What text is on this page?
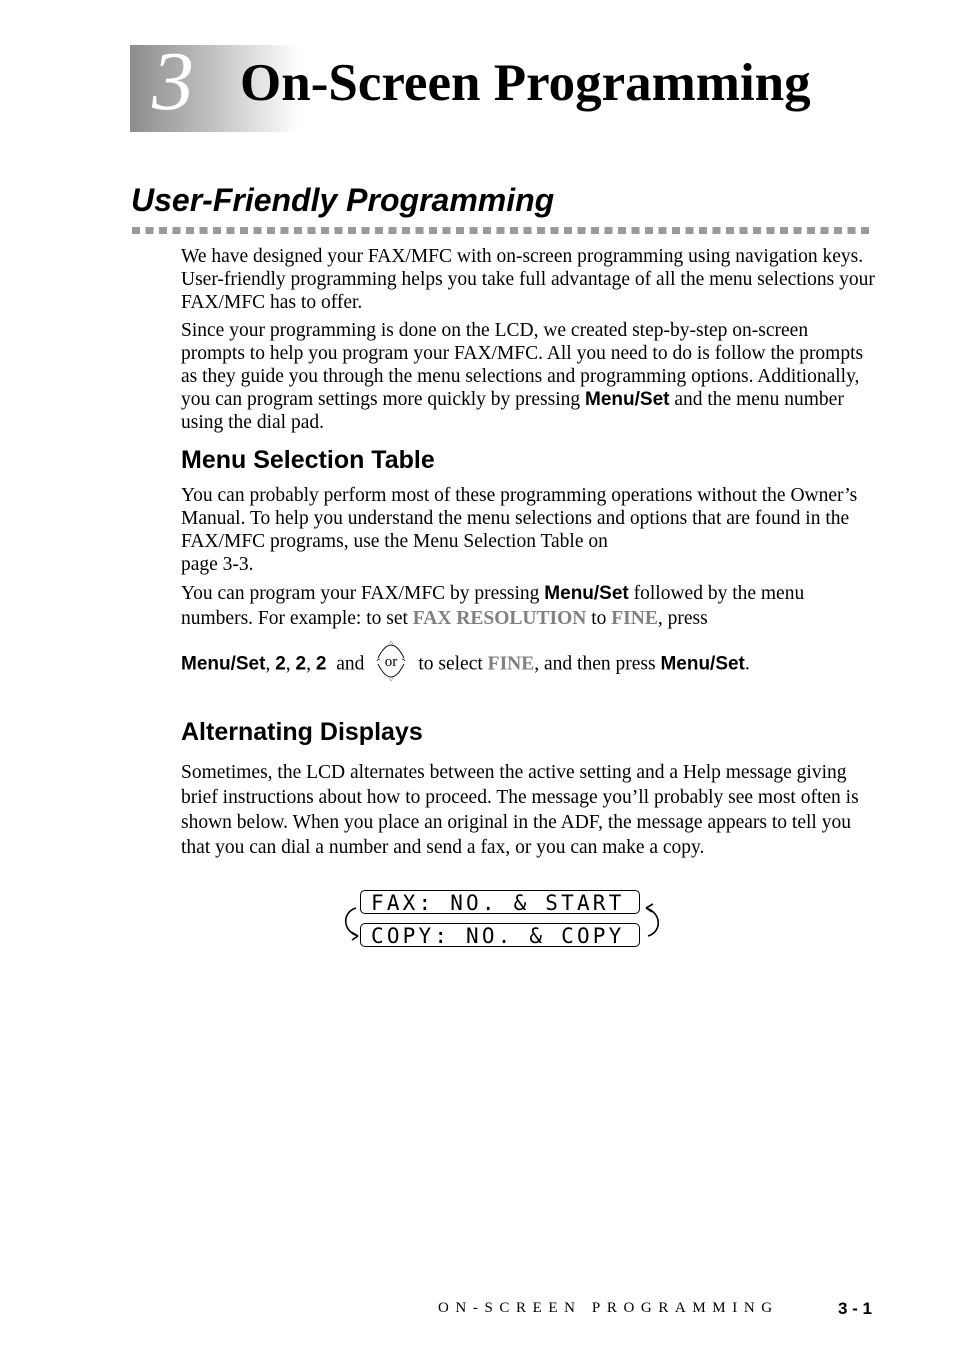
3 On-Screen Programming
User-Friendly Programming

We have designed your FAX/MFC with on-screen programming using navigation keys. User-friendly programming helps you take full advantage of all the menu selections your FAX/MFC has to offer.

Since your programming is done on the LCD, we created step-by-step on-screen prompts to help you program your FAX/MFC. All you need to do is follow the prompts as they guide you through the menu selections and programming options. Additionally, you can program settings more quickly by pressing Menu/Set and the menu number using the dial pad.

Menu Selection Table

You can probably perform most of these programming operations without the Owner’s Manual. To help you understand the menu selections and options that are found in the FAX/MFC programs, use the Menu Selection Table on
page 3-3.

You can program your FAX/MFC by pressing Menu/Set followed by the menu numbers. For example: to set FAX RESOLUTION to FINE, press

Menu/Set, 2, 2, 2 and or to select FINE, and then press Menu/Set.

Alternating Displays

Sometimes, the LCD alternates between the active setting and a Help message giving brief instructions about how to proceed. The message you’ll probably see most often is shown below. When you place an original in the ADF, the message appears to tell you that you can dial a number and send a fax, or you can make a copy.

FAX: NO. & START
COPY: NO. & COPY
ON-SCREEN PROGRAMMING	3 - 1
